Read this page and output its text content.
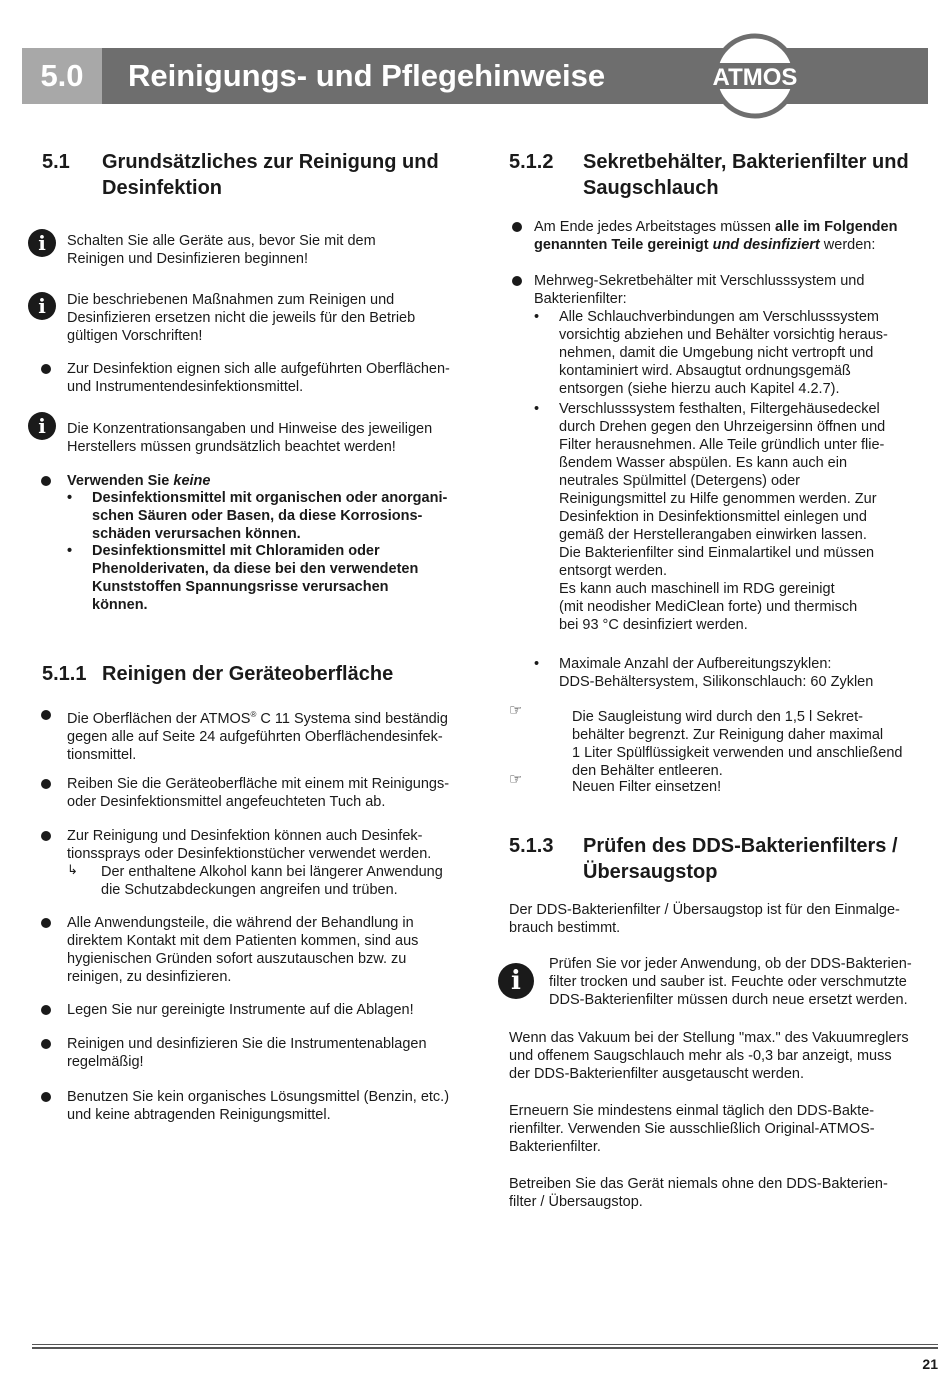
5.0	Reinigungs- und Pflegehinweise	ATMOS
5.1 Grundsätzliches zur Reinigung und
Desinfektion
i	Schalten Sie alle Geräte aus, bevor Sie mit dem
Reinigen und Desinfizieren beginnen!
i	Die beschriebenen Maßnahmen zum Reinigen und
Desinfizieren ersetzen nicht die jeweils für den Betrieb
gültigen Vorschriften!
Zur Desinfektion eignen sich alle aufgeführten Oberflächen-
und Instrumentendesinfektionsmittel.
i	Die Konzentrationsangaben und Hinweise des jeweiligen
Herstellers müssen grundsätzlich beachtet werden!
Verwenden Sie keine
• Desinfektionsmittel mit organischen oder anorgani-
schen Säuren oder Basen, da diese Korrosions-
schäden verursachen können.
• Desinfektionsmittel mit Chloramiden oder
Phenolderivaten, da diese bei den verwendeten
Kunststoffen Spannungsrisse verursachen
können.
5.1.1 Reinigen der Geräteoberfläche
Die Oberflächen der ATMOS® C 11 Systema sind beständig
gegen alle auf Seite 24 aufgeführten Oberflächendesinfek-
tionsmittel.
Reiben Sie die Geräteoberfläche mit einem mit Reinigungs-
oder Desinfektionsmittel angefeuchteten Tuch ab.
Zur Reinigung und Desinfektion können auch Desinfek-
tionssprays oder Desinfektionstücher verwendet werden.
↳ Der enthaltene Alkohol kann bei längerer Anwendung
die Schutzabdeckungen angreifen und trüben.
Alle Anwendungsteile, die während der Behandlung in
direktem Kontakt mit dem Patienten kommen, sind aus
hygienischen Gründen sofort auszutauschen bzw. zu
reinigen, zu desinfizieren.
Legen Sie nur gereinigte Instrumente auf die Ablagen!
Reinigen und desinfizieren Sie die Instrumentenablagen
regelmäßig!
Benutzen Sie kein organisches Lösungsmittel (Benzin, etc.)
und keine abtragenden Reinigungsmittel.
5.1.2 Sekretbehälter, Bakterienfilter und
Saugschlauch
Am Ende jedes Arbeitstages müssen alle im Folgenden
genannten Teile gereinigt und desinfiziert werden:
Mehrweg-Sekretbehälter mit Verschlusssystem und
Bakterienfilter:
• Alle Schlauchverbindungen am Verschlusssystem
vorsichtig abziehen und Behälter vorsichtig heraus-
nehmen, damit die Umgebung nicht vertropft und
kontaminiert wird. Absaugtut ordnungsgemäß
entsorgen (siehe hierzu auch Kapitel 4.2.7).
• Verschlusssystem festhalten, Filtergehäusedeckel
durch Drehen gegen den Uhrzeigersinn öffnen und
Filter herausnehmen. Alle Teile gründlich unter flie-
ßendem Wasser abspülen. Es kann auch ein
neutrales Spülmittel (Detergens) oder
Reinigungsmittel zu Hilfe genommen werden. Zur
Desinfektion in Desinfektionsmittel einlegen und
gemäß der Herstellerangaben einwirken lassen.
Die Bakterienfilter sind Einmalartikel und müssen
entsorgt werden.
Es kann auch maschinell im RDG gereinigt
(mit neodisher MediClean forte) und thermisch
bei 93 °C desinfiziert werden.
• Maximale Anzahl der Aufbereitungszyklen:
DDS-Behältersystem, Silikonschlauch: 60 Zyklen
☞	Die Saugleistung wird durch den 1,5 l Sekret-
behälter begrenzt. Zur Reinigung daher maximal
1 Liter Spülflüssigkeit verwenden und anschließend
den Behälter entleeren.
☞	Neuen Filter einsetzen!
5.1.3 Prüfen des DDS-Bakterienfilters /
Übersaugstop
Der DDS-Bakterienfilter / Übersaugstop ist für den Einmalge-
brauch bestimmt.
i
Prüfen Sie vor jeder Anwendung, ob der DDS-Bakterien-
filter trocken und sauber ist. Feuchte oder verschmutzte
DDS-Bakterienfilter müssen durch neue ersetzt werden.
Wenn das Vakuum bei der Stellung "max." des Vakuumreglers
und offenem Saugschlauch mehr als -0,3 bar anzeigt, muss
der DDS-Bakterienfilter ausgetauscht werden.
Erneuern Sie mindestens einmal täglich den DDS-Bakte-
rienfilter. Verwenden Sie ausschließlich Original-ATMOS-
Bakterienfilter.
Betreiben Sie das Gerät niemals ohne den DDS-Bakterien-
filter / Übersaugstop.
21
